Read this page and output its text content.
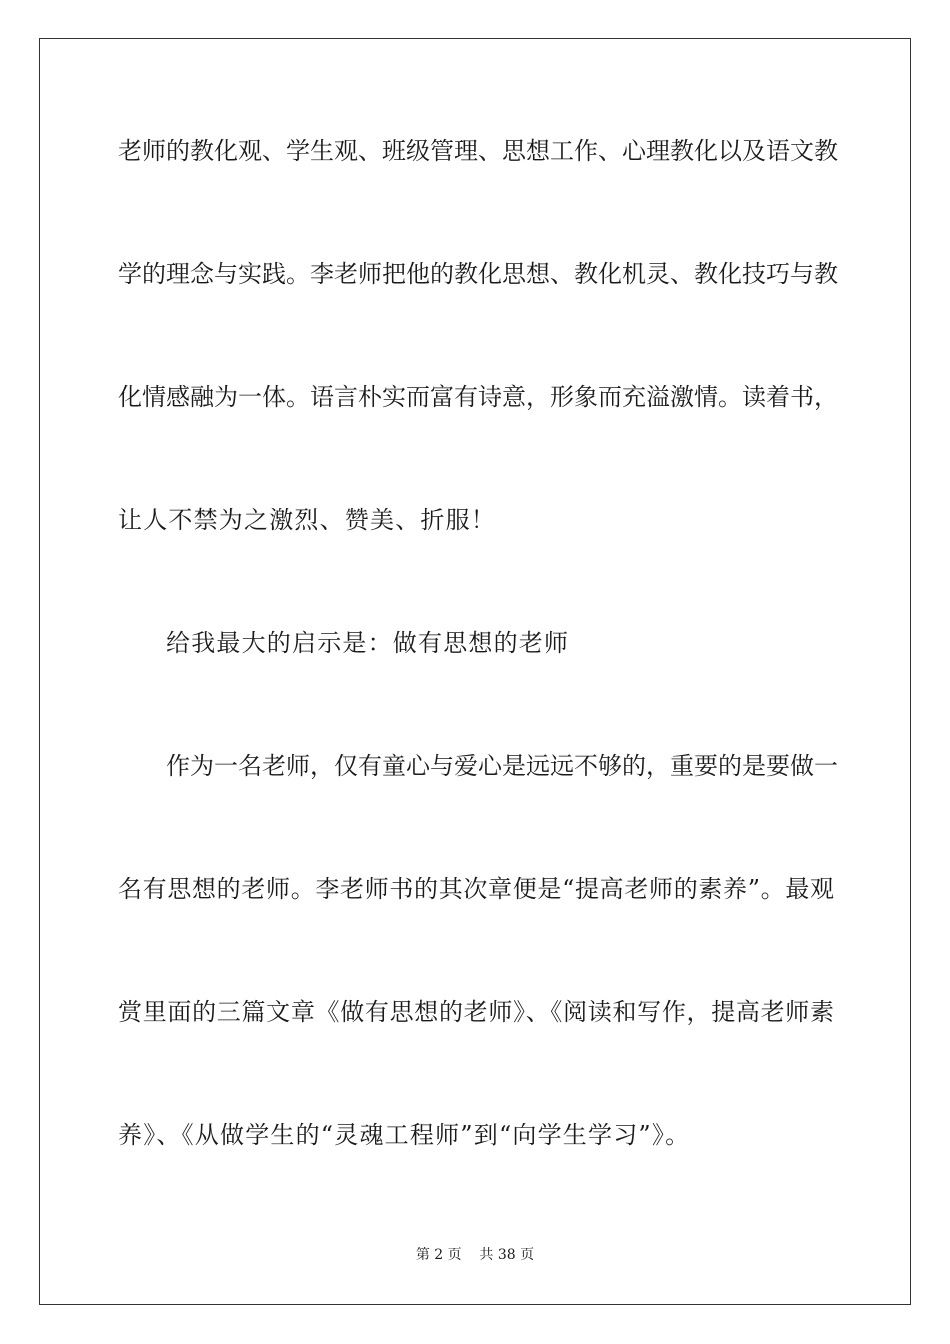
老师的教化观、学生观、班级管理、思想工作、心理教化以及语文教
学的理念与实践。李老师把他的教化思想、教化机灵、教化技巧与教
化情感融为一体。语言朴实而富有诗意，形象而充溢激情。读着书，
让人不禁为之激烈、赞美、折服！
给我最大的启示是：做有思想的老师
作为一名老师，仅有童心与爱心是远远不够的，重要的是要做一
名有思想的老师。李老师书的其次章便是“提高老师的素养”。最观
赏里面的三篇文章《做有思想的老师》、《阅读和写作，提高老师素
养》、《从做学生的“灵魂工程师”到“向学生学习”》。
第 2 页    共 38 页
